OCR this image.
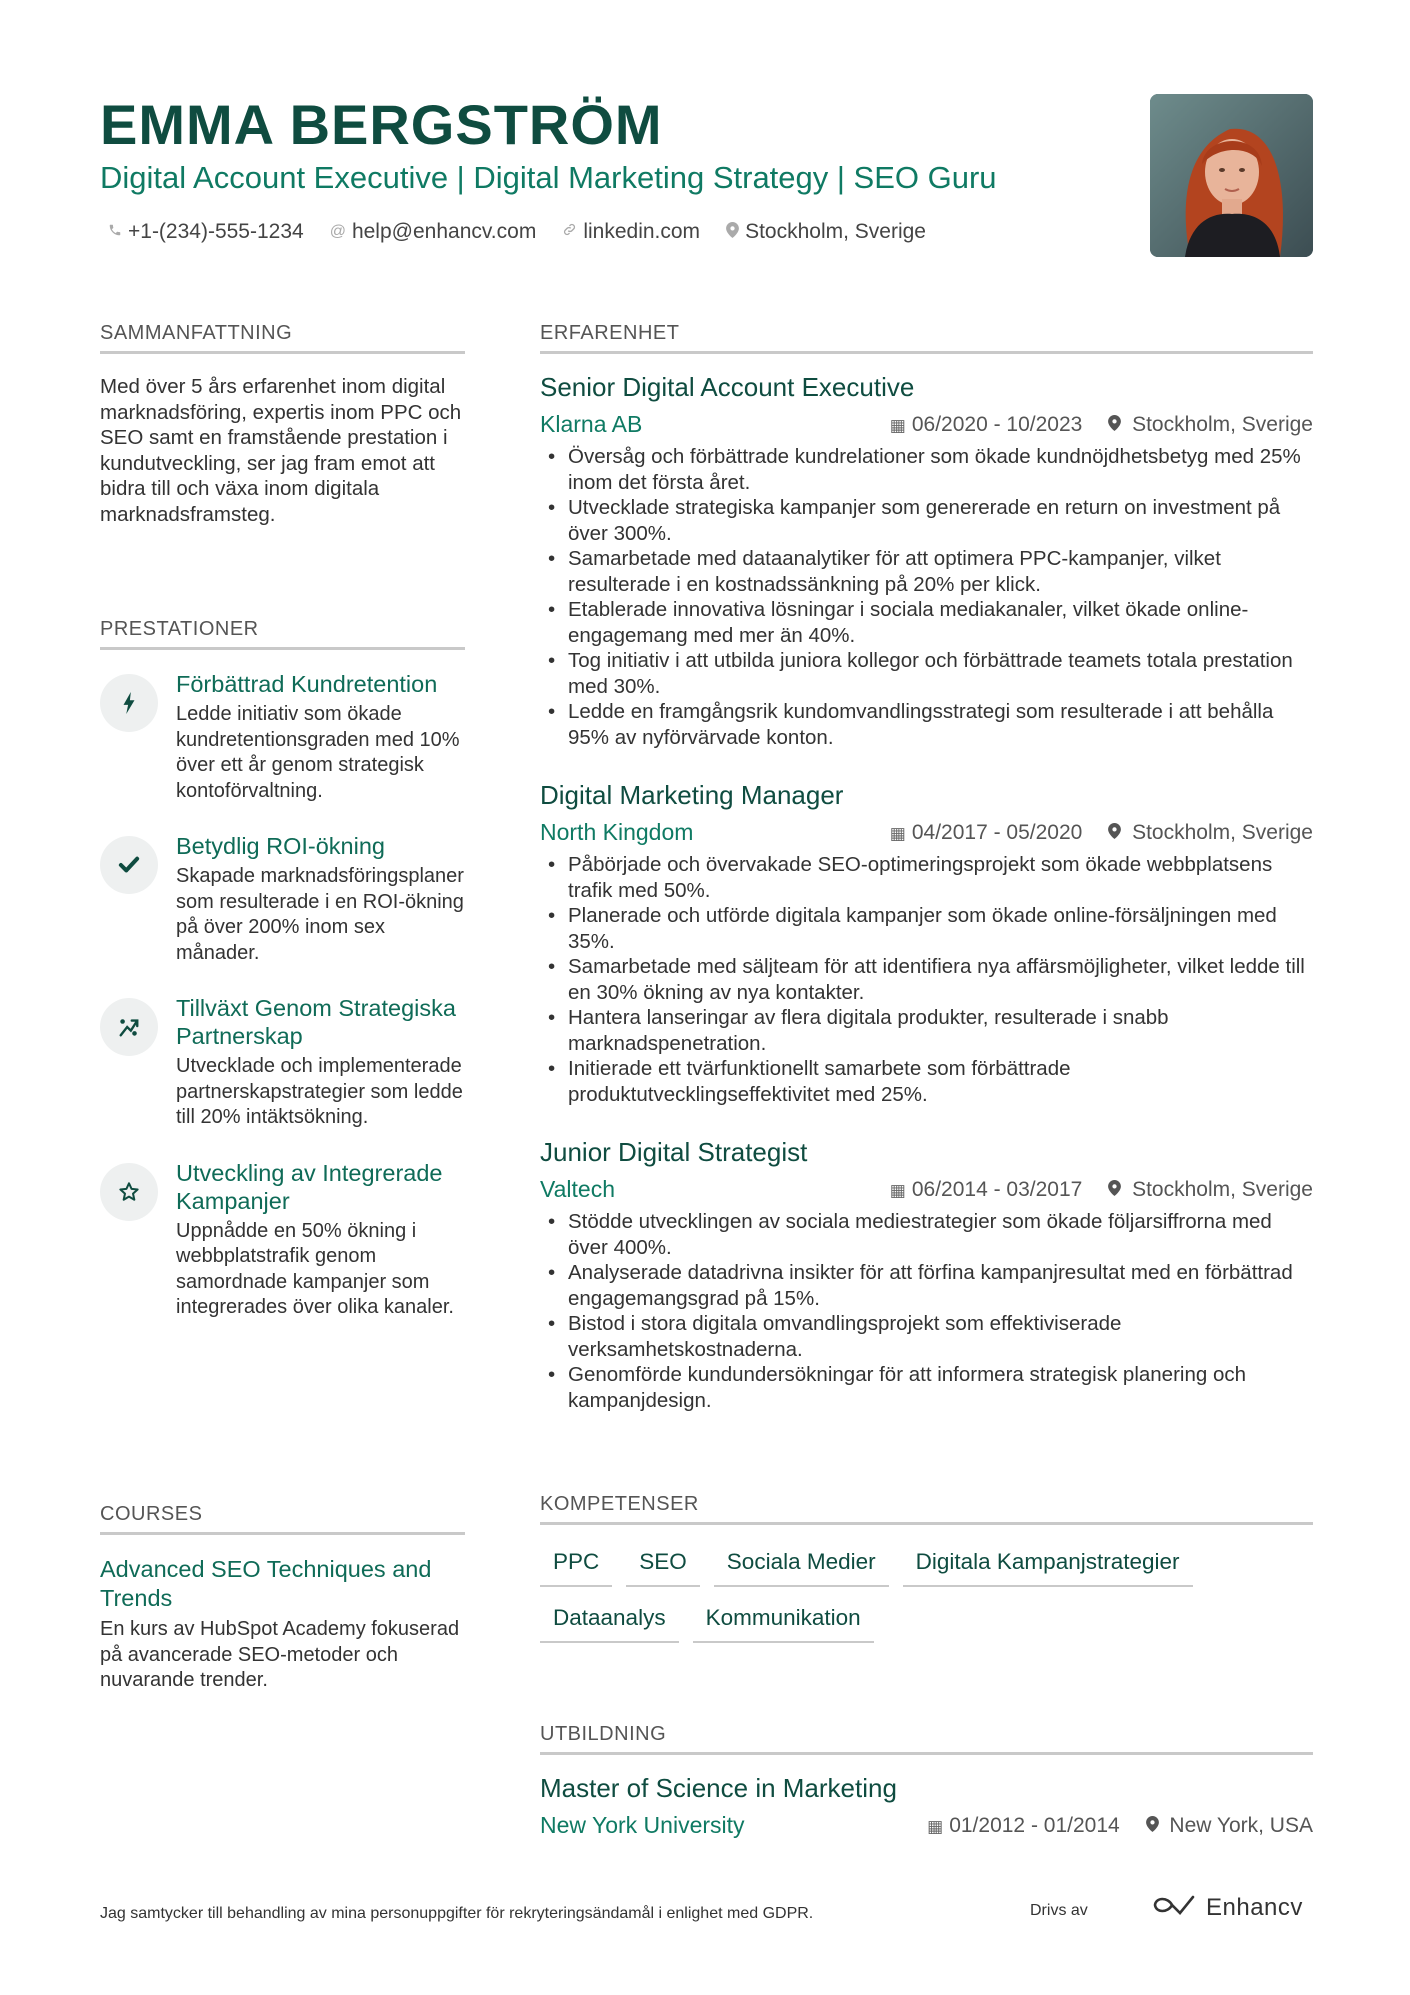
EMMA BERGSTRÖM
Digital Account Executive | Digital Marketing Strategy | SEO Guru
+1-(234)-555-1234 @ help@enhancv.com linkedin.com Stockholm, Sverige
SAMMANFATTNING
Med över 5 års erfarenhet inom digital marknadsföring, expertis inom PPC och SEO samt en framstående prestation i kundutveckling, ser jag fram emot att bidra till och växa inom digitala marknadsframsteg.
PRESTATIONER
Förbättrad Kundretention
Ledde initiativ som ökade kundretentionsgraden med 10% över ett år genom strategisk kontoförvaltning.
Betydlig ROI-ökning
Skapade marknadsföringsplaner som resulterade i en ROI-ökning på över 200% inom sex månader.
Tillväxt Genom Strategiska Partnerskap
Utvecklade och implementerade partnerskapstrategier som ledde till 20% intäktsökning.
Utveckling av Integrerade Kampanjer
Uppnådde en 50% ökning i webbplatstrafik genom samordnade kampanjer som integrerades över olika kanaler.
COURSES
Advanced SEO Techniques and Trends
En kurs av HubSpot Academy fokuserad på avancerade SEO-metoder och nuvarande trender.
ERFARENHET
Senior Digital Account Executive
Klarna AB	▦ 06/2020 - 10/2023	Stockholm, Sverige
• Översåg och förbättrade kundrelationer som ökade kundnöjdhetsbetyg med 25% inom det första året.
• Utvecklade strategiska kampanjer som genererade en return on investment på över 300%.
• Samarbetade med dataanalytiker för att optimera PPC-kampanjer, vilket resulterade i en kostnadssänkning på 20% per klick.
• Etablerade innovativa lösningar i sociala mediakanaler, vilket ökade online-engagemang med mer än 40%.
• Tog initiativ i att utbilda juniora kollegor och förbättrade teamets totala prestation med 30%.
• Ledde en framgångsrik kundomvandlingsstrategi som resulterade i att behålla 95% av nyförvärvade konton.
Digital Marketing Manager
North Kingdom	▦ 04/2017 - 05/2020	Stockholm, Sverige
• Påbörjade och övervakade SEO-optimeringsprojekt som ökade webbplatsens trafik med 50%.
• Planerade och utförde digitala kampanjer som ökade online-försäljningen med 35%.
• Samarbetade med säljteam för att identifiera nya affärsmöjligheter, vilket ledde till en 30% ökning av nya kontakter.
• Hantera lanseringar av flera digitala produkter, resulterade i snabb marknadspenetration.
• Initierade ett tvärfunktionellt samarbete som förbättrade produktutvecklingseffektivitet med 25%.
Junior Digital Strategist
Valtech	▦ 06/2014 - 03/2017	Stockholm, Sverige
• Stödde utvecklingen av sociala mediestrategier som ökade följarsiffrorna med över 400%.
• Analyserade datadrivna insikter för att förfina kampanjresultat med en förbättrad engagemangsgrad på 15%.
• Bistod i stora digitala omvandlingsprojekt som effektiviserade verksamhetskostnaderna.
• Genomförde kundundersökningar för att informera strategisk planering och kampanjdesign.
KOMPETENSER
PPC	SEO	Sociala Medier	Digitala Kampanjstrategier
Dataanalys	Kommunikation
UTBILDNING
Master of Science in Marketing
New York University	▦ 01/2012 - 01/2014	New York, USA
Jag samtycker till behandling av mina personuppgifter för rekryteringsändamål i enlighet med GDPR.	Drivs av	Enhancv
